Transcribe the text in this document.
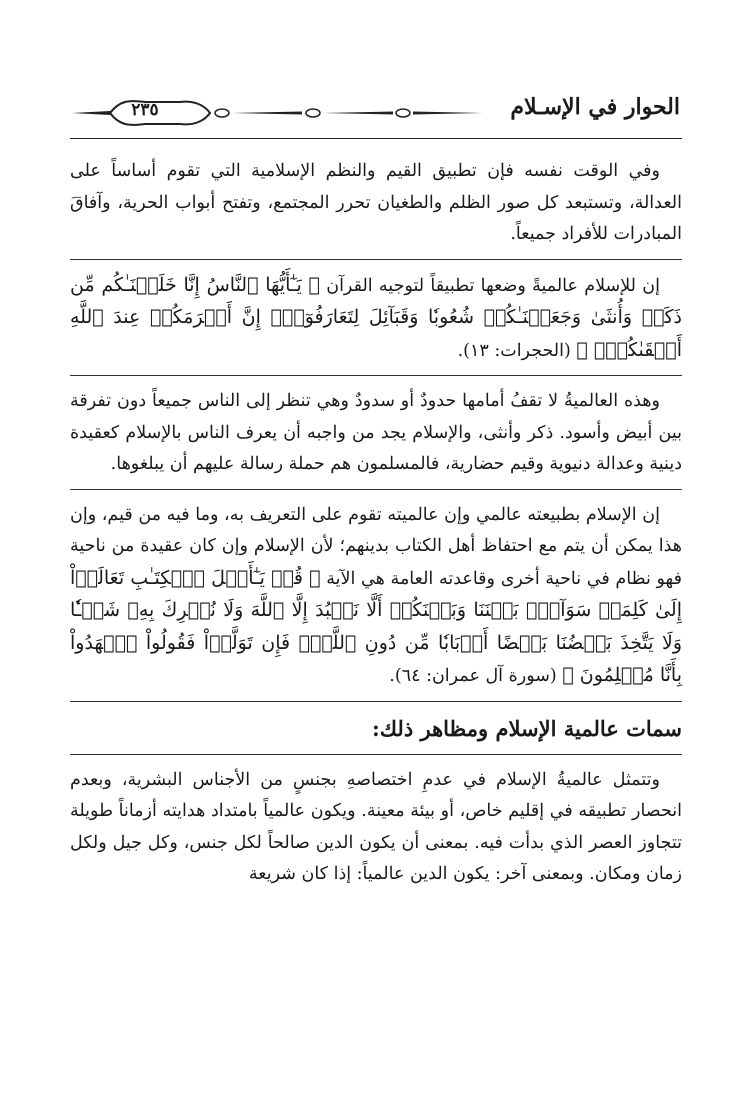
الحوار في الإسـلام
٢٣٥

وفي الوقت نفسه فإن تطبيق القيم والنظم الإسلامية التي تقوم أساساً على العدالة، وتستبعد كل صور الظلم والطغيان تحرر المجتمع، وتفتح أبواب الحرية، وآفاقَ المبادرات للأفراد جميعاً.

إن للإسلام عالميةً وضعها تطبيقاً لتوجيه القرآن ﴿ يَـٰٓأَيُّهَا ٱلنَّاسُ إِنَّا خَلَقۡنَـٰكُم مِّن ذَكَرٖ وَأُنثَىٰ وَجَعَلۡنَـٰكُمۡ شُعُوبٗا وَقَبَآئِلَ لِتَعَارَفُوٓاْۚ إِنَّ أَكۡرَمَكُمۡ عِندَ ٱللَّهِ أَتۡقَىٰكُمۡۚ ﴾ (الحجرات: ١٣).

وهذه العالميةُ لا تقفُ أمامها حدودٌ أو سدودٌ وهي تنظر إلى الناس جميعاً دون تفرقة بين أبيض وأسود. ذكر وأنثى، والإسلام يجد من واجبه أن يعرف الناس بالإسلام كعقيدة دينية وعدالة دنيوية وقيم حضارية، فالمسلمون هم حملة رسالة عليهم أن يبلغوها.

إن الإسلام بطبيعته عالمي وإن عالميته تقوم على التعريف به، وما فيه من قيم، وإن هذا يمكن أن يتم مع احتفاظ أهل الكتاب بدينهم؛ لأن الإسلام وإن كان عقيدة من ناحية فهو نظام في ناحية أخرى وقاعدته العامة هي الآية ﴿ قُلۡ يَـٰٓأَهۡلَ ٱلۡكِتَـٰبِ تَعَالَوۡاْ إِلَىٰ كَلِمَةٖ سَوَآءِۭ بَيۡنَنَا وَبَيۡنَكُمۡ أَلَّا نَعۡبُدَ إِلَّا ٱللَّهَ وَلَا نُشۡرِكَ بِهِۦ شَيۡـٔٗا وَلَا يَتَّخِذَ بَعۡضُنَا بَعۡضًا أَرۡبَابٗا مِّن دُونِ ٱللَّهِۚ فَإِن تَوَلَّوۡاْ فَقُولُواْ ٱشۡهَدُواْ بِأَنَّا مُسۡلِمُونَ ﴾ (سورة آل عمران: ٦٤).

سمات عالمية الإسلام ومظاهر ذلك:

وتتمثل عالميةُ الإسلام في عدمِ اختصاصهِ بجنسٍ من الأجناس البشرية، وبعدم انحصار تطبيقه في إقليم خاص، أو بيئة معينة. ويكون عالمياً بامتداد هدايته أزماناً طويلة تتجاوز العصر الذي بدأت فيه. بمعنى أن يكون الدين صالحاً لكل جنس، وكل جيل ولكل زمان ومكان. وبمعنى آخر: يكون الدين عالمياً: إذا كان شريعة
